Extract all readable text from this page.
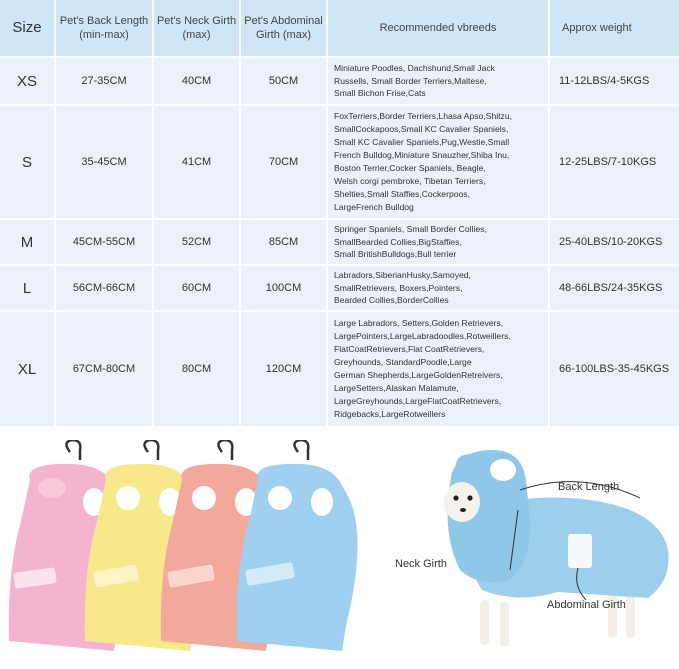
Size	Pet's Back Length
(min-max)
Pet's Neck Girth
(max)
Pet's Abdominal
Girth (max)
Recommended vbreeds	Approx weight
XS	27-35CM	40CM	50CM
Miniature Poodles, Dachshund,Small Jack
Russells, Small Border Terriers,Maltese,
Small Bichon Frise,Cats
11-12LBS/4-5KGS
S	35-45CM	41CM	70CM
FoxTerriers,Border Terriers,Lhasa Apso,Shitzu,
SmallCockapoos,Small KC Cavalier Spaniels,
Small KC Cavalier Spaniels,Pug,Westie,Small
French Bulldog,Miniature Snauzher,Shiba Inu,
Boston Terrier,Cocker Spaniels, Beagle,
Welsh corgi pembroke, Tibetan Terriers,
Shelties,Small Staffies,Cockerpoos,
LargeFrench Bulldog
12-25LBS/7-10KGS
M	45CM-55CM	52CM	85CM
Springer Spaniels, Small Border Collies,
SmallBearded Collies,BigStaffies,
Small BritishBulldogs,Bull terrier
25-40LBS/10-20KGS
L	56CM-66CM	60CM	100CM
Labradors,SiberianHusky,Samoyed,
SmallRetrievers, Boxers,Pointers,
Bearded Collies,BorderCollies
48-66LBS/24-35KGS
XL	67CM-80CM	80CM	120CM
Large Labradors, Setters,Golden Retrievers,
LargePointers,LargeLabradoodles,Rotweillers,
FlatCoatRetrievers,Flat CoatRetrievers,
Greyhounds, StandardPoodle,Large
German Shepherds,LargeGoldenRetreivers,
LargeSetters,Alaskan Malamute,
LargeGreyhounds,LargeFlatCoatRetrievers,
Ridgebacks,LargeRotweillers
66-100LBS-35-45KGS
Back Length
Neck Girth
Abdominal Girth
